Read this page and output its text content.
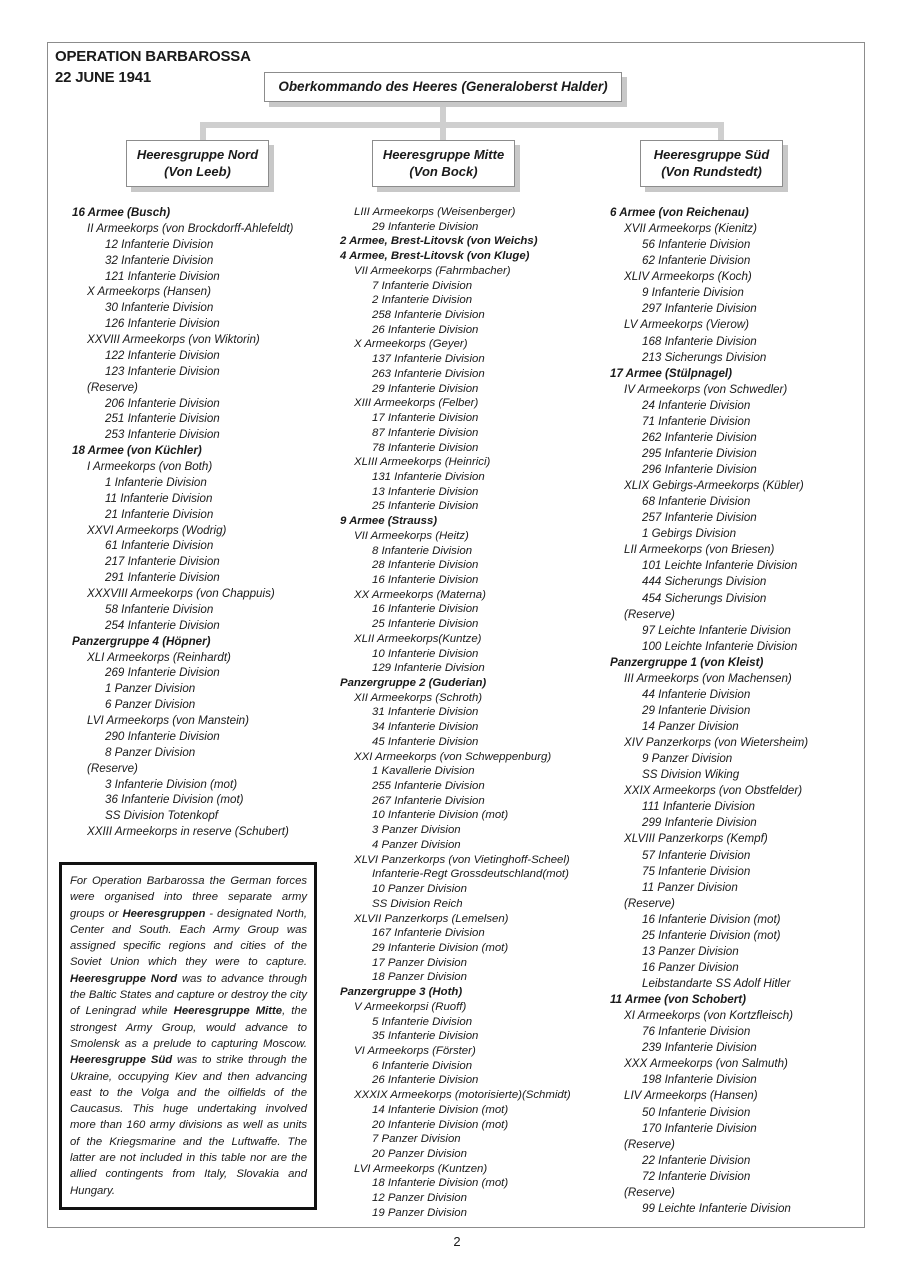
OPERATION BARBAROSSA
22 JUNE 1941
Oberkommando des Heeres (Generaloberst Halder)
Heeresgruppe Nord
(Von Leeb)
Heeresgruppe Mitte
(Von Bock)
Heeresgruppe Süd
(Von Rundstedt)
16 Armee (Busch)
II Armeekorps (von Brockdorff-Ahlefeldt)
12 Infanterie Division
32 Infanterie Division
121 Infanterie Division
X Armeekorps (Hansen)
30 Infanterie Division
126 Infanterie Division
XXVIII Armeekorps (von Wiktorin)
122 Infanterie Division
123 Infanterie Division
(Reserve)
206 Infanterie Division
251 Infanterie Division
253 Infanterie Division
18 Armee (von Küchler)
I Armeekorps (von Both)
1 Infanterie Division
11 Infanterie Division
21 Infanterie Division
XXVI Armeekorps (Wodrig)
61 Infanterie Division
217 Infanterie Division
291 Infanterie Division
XXXVIII Armeekorps (von Chappuis)
58 Infanterie Division
254 Infanterie Division
Panzergruppe 4 (Höpner)
XLI Armeekorps (Reinhardt)
269 Infanterie Division
1 Panzer Division
6 Panzer Division
LVI Armeekorps (von Manstein)
290 Infanterie Division
8 Panzer Division
(Reserve)
3 Infanterie Division (mot)
36 Infanterie Division (mot)
SS Division Totenkopf
XXIII Armeekorps in reserve (Schubert)
LIII Armeekorps (Weisenberger)
29 Infanterie Division
2 Armee, Brest-Litovsk (von Weichs)
4 Armee, Brest-Litovsk (von Kluge)
VII Armeekorps (Fahrmbacher)
7 Infanterie Division
2 Infanterie Division
258 Infanterie Division
26 Infanterie Division
X Armeekorps (Geyer)
137 Infanterie Division
263 Infanterie Division
29 Infanterie Division
XIII Armeekorps (Felber)
17 Infanterie Division
87 Infanterie Division
78 Infanterie Division
XLIII Armeekorps (Heinrici)
131 Infanterie Division
13 Infanterie Division
25 Infanterie Division
9 Armee (Strauss)
VII Armeekorps (Heitz)
8 Infanterie Division
28 Infanterie Division
16 Infanterie Division
XX Armeekorps (Materna)
16 Infanterie Division
25 Infanterie Division
XLII Armeekorps(Kuntze)
10 Infanterie Division
129 Infanterie Division
Panzergruppe 2 (Guderian)
XII Armeekorps (Schroth)
31 Infanterie Division
34 Infanterie Division
45 Infanterie Division
XXI Armeekorps (von Schweppenburg)
1 Kavallerie Division
255 Infanterie Division
267 Infanterie Division
10 Infanterie Division (mot)
3 Panzer Division
4 Panzer Division
XLVI Panzerkorps (von Vietinghoff-Scheel)
Infanterie-Regt Grossdeutschland(mot)
10 Panzer Division
SS Division Reich
XLVII Panzerkorps (Lemelsen)
167 Infanterie Division
29 Infanterie Division (mot)
17 Panzer Division
18 Panzer Division
Panzergruppe 3 (Hoth)
V Armeekorpsi (Ruoff)
5 Infanterie Division
35 Infanterie Division
VI Armeekorps (Förster)
6 Infanterie Division
26 Infanterie Division
XXXIX Armeekorps (motorisierte)(Schmidt)
14 Infanterie Division (mot)
20 Infanterie Division (mot)
7 Panzer Division
20 Panzer Division
LVI Armeekorps (Kuntzen)
18 Infanterie Division (mot)
12 Panzer Division
19 Panzer Division
6 Armee (von Reichenau)
XVII Armeekorps (Kienitz)
56 Infanterie Division
62 Infanterie Division
XLIV Armeekorps (Koch)
9 Infanterie Division
297 Infanterie Division
LV Armeekorps (Vierow)
168 Infanterie Division
213 Sicherungs Division
17 Armee (Stülpnagel)
IV Armeekorps (von Schwedler)
24 Infanterie Division
71 Infanterie Division
262 Infanterie Division
295 Infanterie Division
296 Infanterie Division
XLIX Gebirgs-Armeekorps (Kübler)
68 Infanterie Division
257 Infanterie Division
1 Gebirgs Division
LII Armeekorps (von Briesen)
101 Leichte Infanterie Division
444 Sicherungs Division
454 Sicherungs Division
(Reserve)
97 Leichte Infanterie Division
100 Leichte Infanterie Division
Panzergruppe 1 (von Kleist)
III Armeekorps (von Machensen)
44 Infanterie Division
29 Infanterie Division
14 Panzer Division
XIV Panzerkorps (von Wietersheim)
9 Panzer Division
SS Division Wiking
XXIX Armeekorps (von Obstfelder)
111 Infanterie Division
299 Infanterie Division
XLVIII Panzerkorps (Kempf)
57 Infanterie Division
75 Infanterie Division
11 Panzer Division
(Reserve)
16 Infanterie Division (mot)
25 Infanterie Division (mot)
13 Panzer Division
16 Panzer Division
Leibstandarte SS Adolf Hitler
11 Armee (von Schobert)
XI Armeekorps (von Kortzfleisch)
76 Infanterie Division
239 Infanterie Division
XXX Armeekorps (von Salmuth)
198 Infanterie Division
LIV Armeekorps (Hansen)
50 Infanterie Division
170 Infanterie Division
(Reserve)
22 Infanterie Division
72 Infanterie Division
(Reserve)
99 Leichte Infanterie Division
For Operation Barbarossa the German forces were organised into three separate army groups or Heeresgruppen - designated North, Center and South. Each Army Group was assigned specific regions and cities of the Soviet Union which they were to capture. Heeresgruppe Nord was to advance through the Baltic States and capture or destroy the city of Leningrad while Heeresgruppe Mitte, the strongest Army Group, would advance to Smolensk as a prelude to capturing Moscow. Heeresgruppe Süd was to strike through the Ukraine, occupying Kiev and then advancing east to the Volga and the oilfields of the Caucasus. This huge undertaking involved more than 160 army divisions as well as units of the Kriegsmarine and the Luftwaffe. The latter are not included in this table nor are the allied contingents from Italy, Slovakia and Hungary.
2
